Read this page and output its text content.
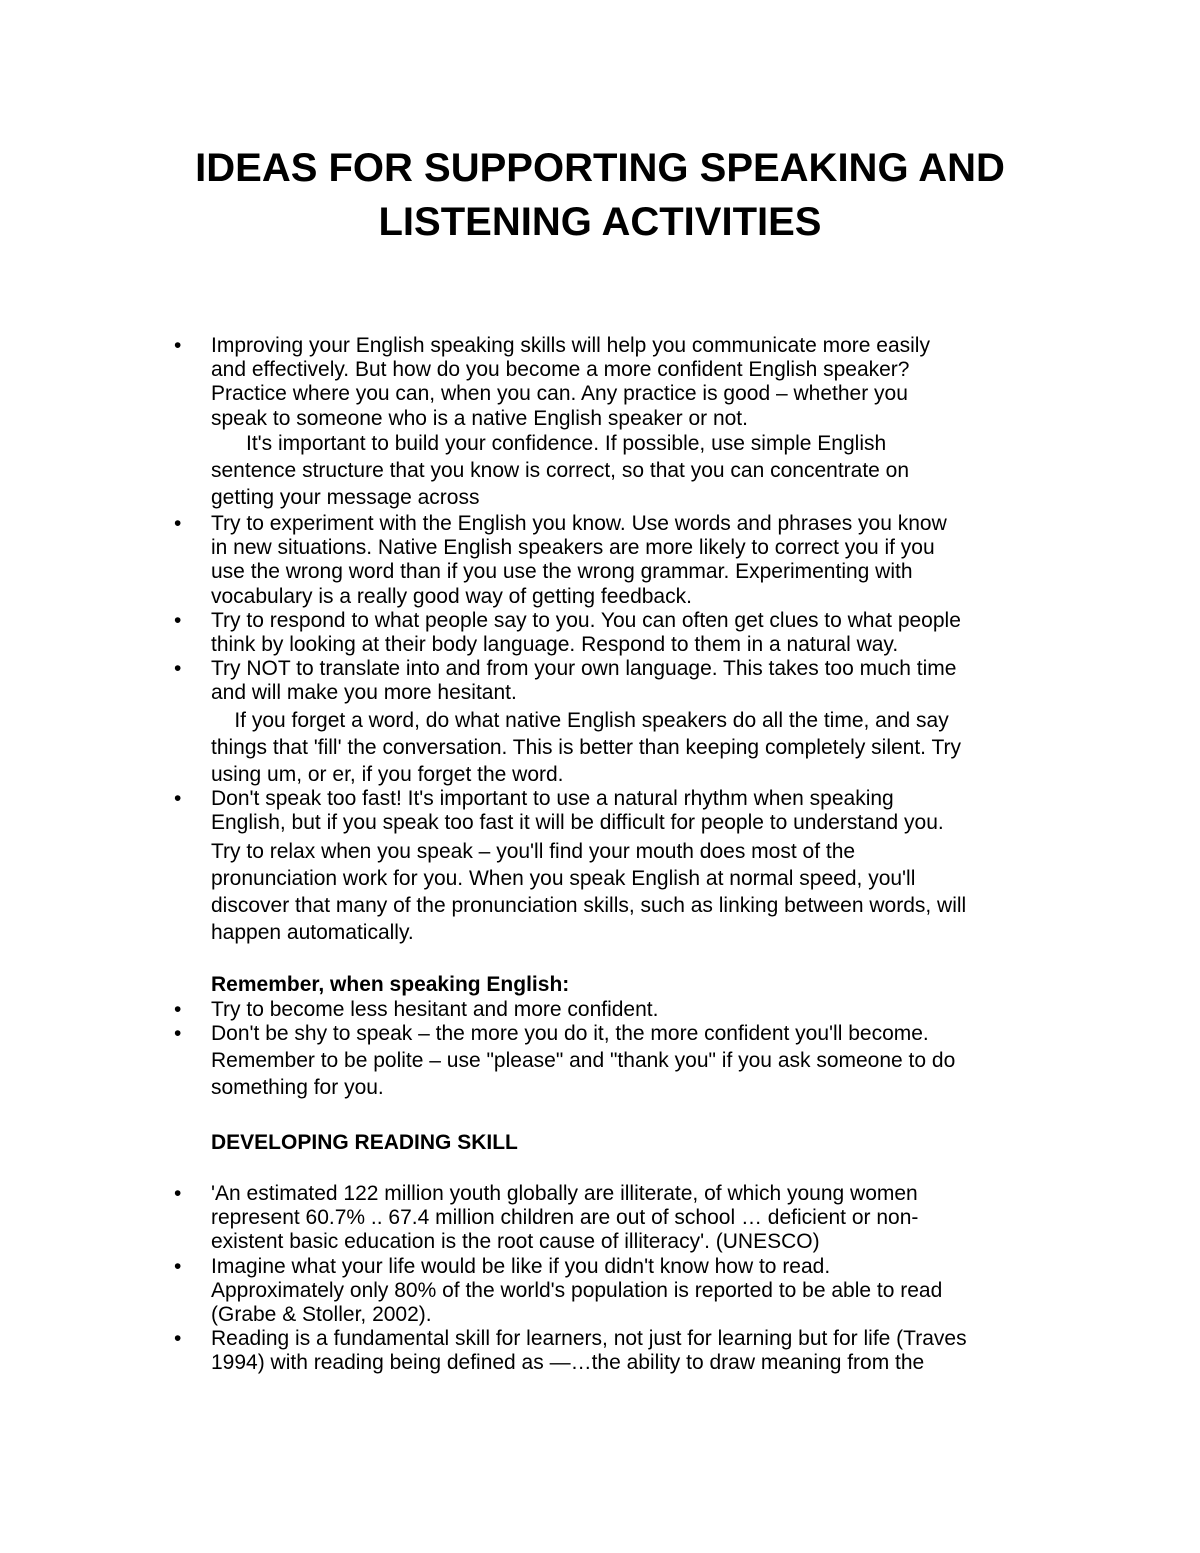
IDEAS FOR SUPPORTING SPEAKING AND
LISTENING ACTIVITIES
• Improving your English speaking skills will help you communicate more easily
and effectively. But how do you become a more confident English speaker?
Practice where you can, when you can. Any practice is good – whether you
speak to someone who is a native English speaker or not.

It's important to build your confidence. If possible, use simple English
sentence structure that you know is correct, so that you can concentrate on
getting your message across

• Try to experiment with the English you know. Use words and phrases you know
in new situations. Native English speakers are more likely to correct you if you
use the wrong word than if you use the wrong grammar. Experimenting with
vocabulary is a really good way of getting feedback.

• Try to respond to what people say to you. You can often get clues to what people
think by looking at their body language. Respond to them in a natural way.

• Try NOT to translate into and from your own language. This takes too much time
and will make you more hesitant.

If you forget a word, do what native English speakers do all the time, and say
things that 'fill' the conversation. This is better than keeping completely silent. Try
using um, or er, if you forget the word.

• Don't speak too fast! It's important to use a natural rhythm when speaking
English, but if you speak too fast it will be difficult for people to understand you.

Try to relax when you speak – you'll find your mouth does most of the
pronunciation work for you. When you speak English at normal speed, you'll
discover that many of the pronunciation skills, such as linking between words, will
happen automatically.

Remember, when speaking English:

• Try to become less hesitant and more confident.

• Don't be shy to speak – the more you do it, the more confident you'll become.

Remember to be polite – use "please" and "thank you" if you ask someone to do
something for you.

DEVELOPING READING SKILL

• 'An estimated 122 million youth globally are illiterate, of which young women
represent 60.7% .. 67.4 million children are out of school … deficient or non-
existent basic education is the root cause of illiteracy'. (UNESCO)

• Imagine what your life would be like if you didn't know how to read.
Approximately only 80% of the world's population is reported to be able to read
(Grabe & Stoller, 2002).

• Reading is a fundamental skill for learners, not just for learning but for life (Traves
1994) with reading being defined as ―…the ability to draw meaning from the
